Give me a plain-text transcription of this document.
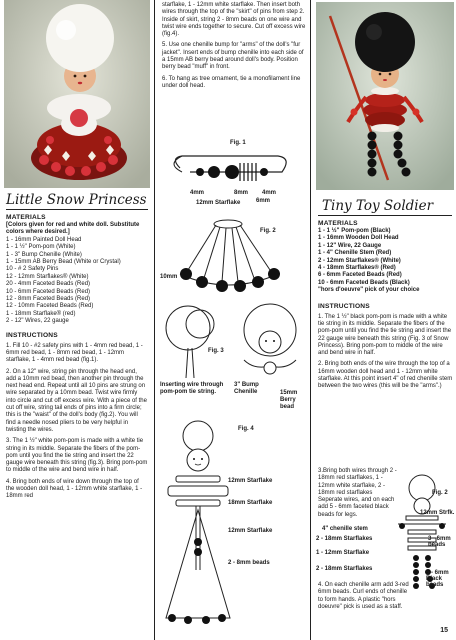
Little Snow Princess
MATERIALS

[Colors given for red and white doll. Substitute colors where desired.]

1 - 16mm Painted Doll Head
1 - 1 ½" Pom-pom (White)
1 - 3" Bump Chenille (White)
1 - 15mm AB Berry Bead (White or Crystal)
10 - # 2 Safety Pins
12 - 12mm Starflakes® (White)
20 - 4mm Faceted Beads (Red)
10 - 6mm Faceted Beads (Red)
12 - 8mm Faceted Beads (Red)
12 - 10mm Faceted Beads (Red)
1 - 18mm Starflake® (red)
2 - 12" Wires, 22 gauge
INSTRUCTIONS

1. Fill 10 - #2 safety pins with 1 - 4mm red bead, 1 - 6mm red bead, 1 - 8mm red bead, 1 - 12mm starflake, 1 - 4mm red bead (fig.1).

2. On a 12" wire, string pin through the head end, add a 10mm red bead, then another pin through the next head end. Repeat until all 10 pins are strung on wire separated by a 10mm bead. Twist wire firmly into circle and cut off excess wire. With a piece of the cut off wire, string tail ends of pins into a firm circle; this is the "waist" of the doll's body (fig.2). You will find a needle nosed pliers to be very helpful in twisting the wires.

3. The 1 ½" white pom-pom is made with a white tie string in its middle. Separate the fibers of the pom-pom until you find the tie string and insert the 22 gauge wire beneath this string (fig.3). Bring pom-pom to middle of the wire and bend wire in half.

4. Bring both ends of wire down through the top of the wooden doll head, 1 - 12mm white starflake, 1 - 18mm red

starflake, 1 - 12mm white starflake. Then insert both wires through the top of the "skirt" of pins from step 2. Inside of skirt, string 2 - 8mm beads on one wire and twist wire ends together to secure. Cut off excess wire (fig.4).

5. Use one chenille bump for "arms" of the doll's "fur jacket". Insert ends of bump chenille into each side of a 15mm AB berry bead around doll's body. Position berry bead "muff" in front.

6. To hang as tree ornament, tie a monofilament line under doll head.

Fig. 1
4mm	8mm 4mm
12mm Starflake	6mm
Fig. 2
10mm
Fig. 3
Inserting wire through pom-pom tie string.
3" Bump Chenille	15mm Berry bead
Fig. 4
12mm Starflake
18mm Starflake
12mm Starflake
2 - 8mm beads
Tiny Toy Soldier
MATERIALS
1 - 1 ½" Pom-pom (Black)
1 - 16mm Wooden Doll Head
1 - 12" Wire, 22 Gauge
1 - 4" Chenille Stem (Red)
2 - 12mm Starflakes® (White)
4 - 18mm Starflakes® (Red)
6 - 6mm Faceted Beads (Red)
10 - 6mm Faceted Beads (Black)
"hors d'oeuvre" pick of your choice
INSTRUCTIONS

1. The 1 ½" black pom-pom is made with a white tie string in its middle. Separate the fibers of the pom-pom until you find the tie string and insert the 22 gauge wire beneath this string (Fig. 3 of Snow Princess). Bring pom-pom to middle of the wire and bend wire in half.

2. Bring both ends of the wire through the top of a 16mm wooden doll head and 1 - 12mm white starflake. At this point insert 4" of red chenille stem between the two wires (this will be the "arms".)

3.Bring both wires through 2 - 18mm red starflakes, 1 - 12mm white starflake, 2 - 18mm red starflakes Seperate wires, and on each add 5 - 6mm faceted black beads for legs.

Fig. 2
12mm Strfk.
4" chenille stem
2 - 18mm Starflakes
1 - 12mm Starflake
2 - 18mm Starflakes
3 - 6mm beads
5 - 6mm Black beads

4. On each chenille arm add 3-red 6mm beads. Curl ends of chenille to form hands. A plastic "hors doeuvre" pick is used as a staff.

15
